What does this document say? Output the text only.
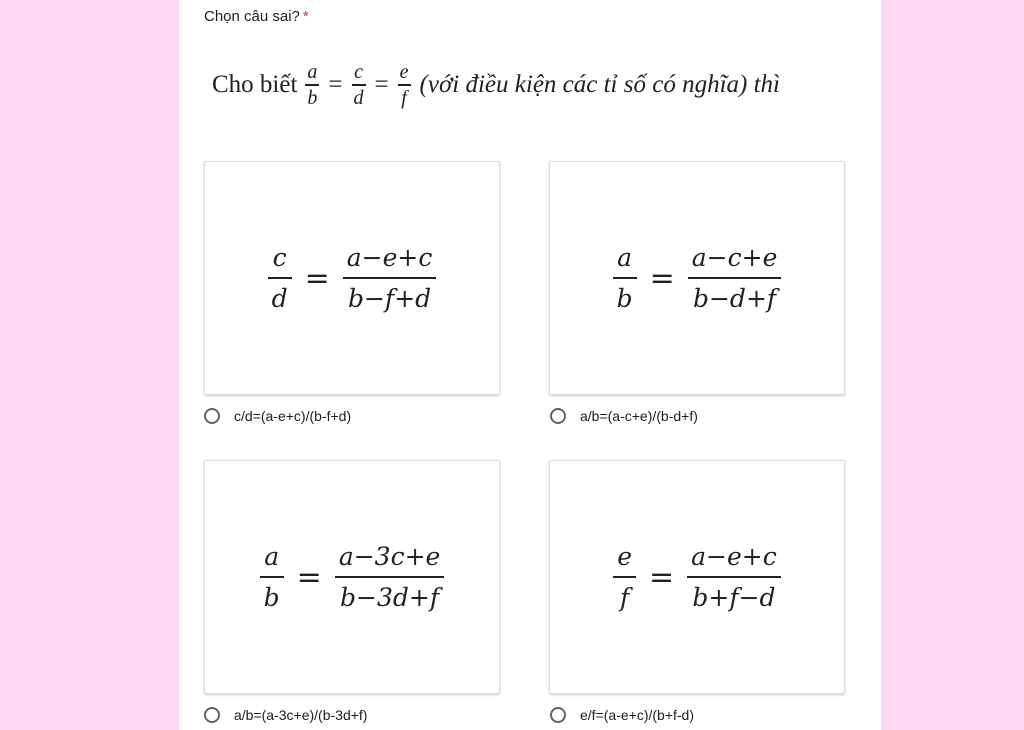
Chọn câu sai? *
Cho biết $\frac{a}{b} = \frac{c}{d} = \frac{e}{f}$ (với điều kiện các tỉ số có nghĩa) thì
$\frac{c}{d} = \frac{a-e+c}{b-f+d}$
c/d=(a-e+c)/(b-f+d)
$\frac{a}{b} = \frac{a-c+e}{b-d+f}$
a/b=(a-c+e)/(b-d+f)
$\frac{a}{b} = \frac{a-3c+e}{b-3d+f}$
a/b=(a-3c+e)/(b-3d+f)
$\frac{e}{f} = \frac{a-e+c}{b+f-d}$
e/f=(a-e+c)/(b+f-d)
